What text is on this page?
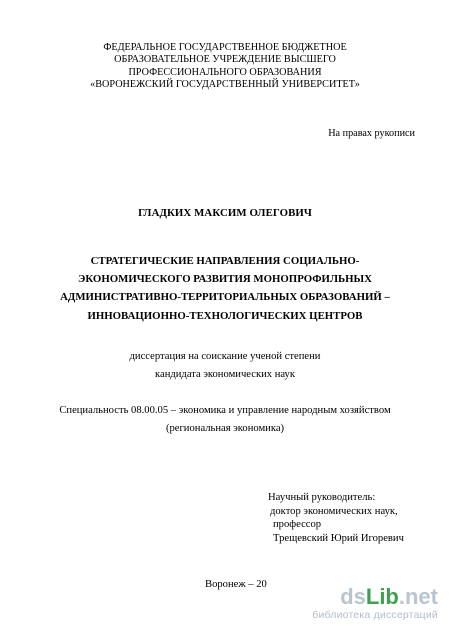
ФЕДЕРАЛЬНОЕ ГОСУДАРСТВЕННОЕ БЮДЖЕТНОЕ
ОБРАЗОВАТЕЛЬНОЕ УЧРЕЖДЕНИЕ ВЫСШЕГО
ПРОФЕССИОНАЛЬНОГО ОБРАЗОВАНИЯ
«ВОРОНЕЖСКИЙ ГОСУДАРСТВЕННЫЙ УНИВЕРСИТЕТ»
На правах рукописи
ГЛАДКИХ МАКСИМ ОЛЕГОВИЧ
СТРАТЕГИЧЕСКИЕ НАПРАВЛЕНИЯ СОЦИАЛЬНО-
ЭКОНОМИЧЕСКОГО РАЗВИТИЯ МОНОПРОФИЛЬНЫХ
АДМИНИСТРАТИВНО-ТЕРРИТОРИАЛЬНЫХ ОБРАЗОВАНИЙ –
ИННОВАЦИОННО-ТЕХНОЛОГИЧЕСКИХ ЦЕНТРОВ
диссертация на соискание ученой степени
кандидата экономических наук
Специальность 08.00.05 – экономика и управление народным хозяйством
(региональная экономика)
Научный руководитель:
доктор экономических наук,
профессор
Трещевский Юрий Игоревич
Воронеж – 20	dsLib.net
библиотека диссертаций
